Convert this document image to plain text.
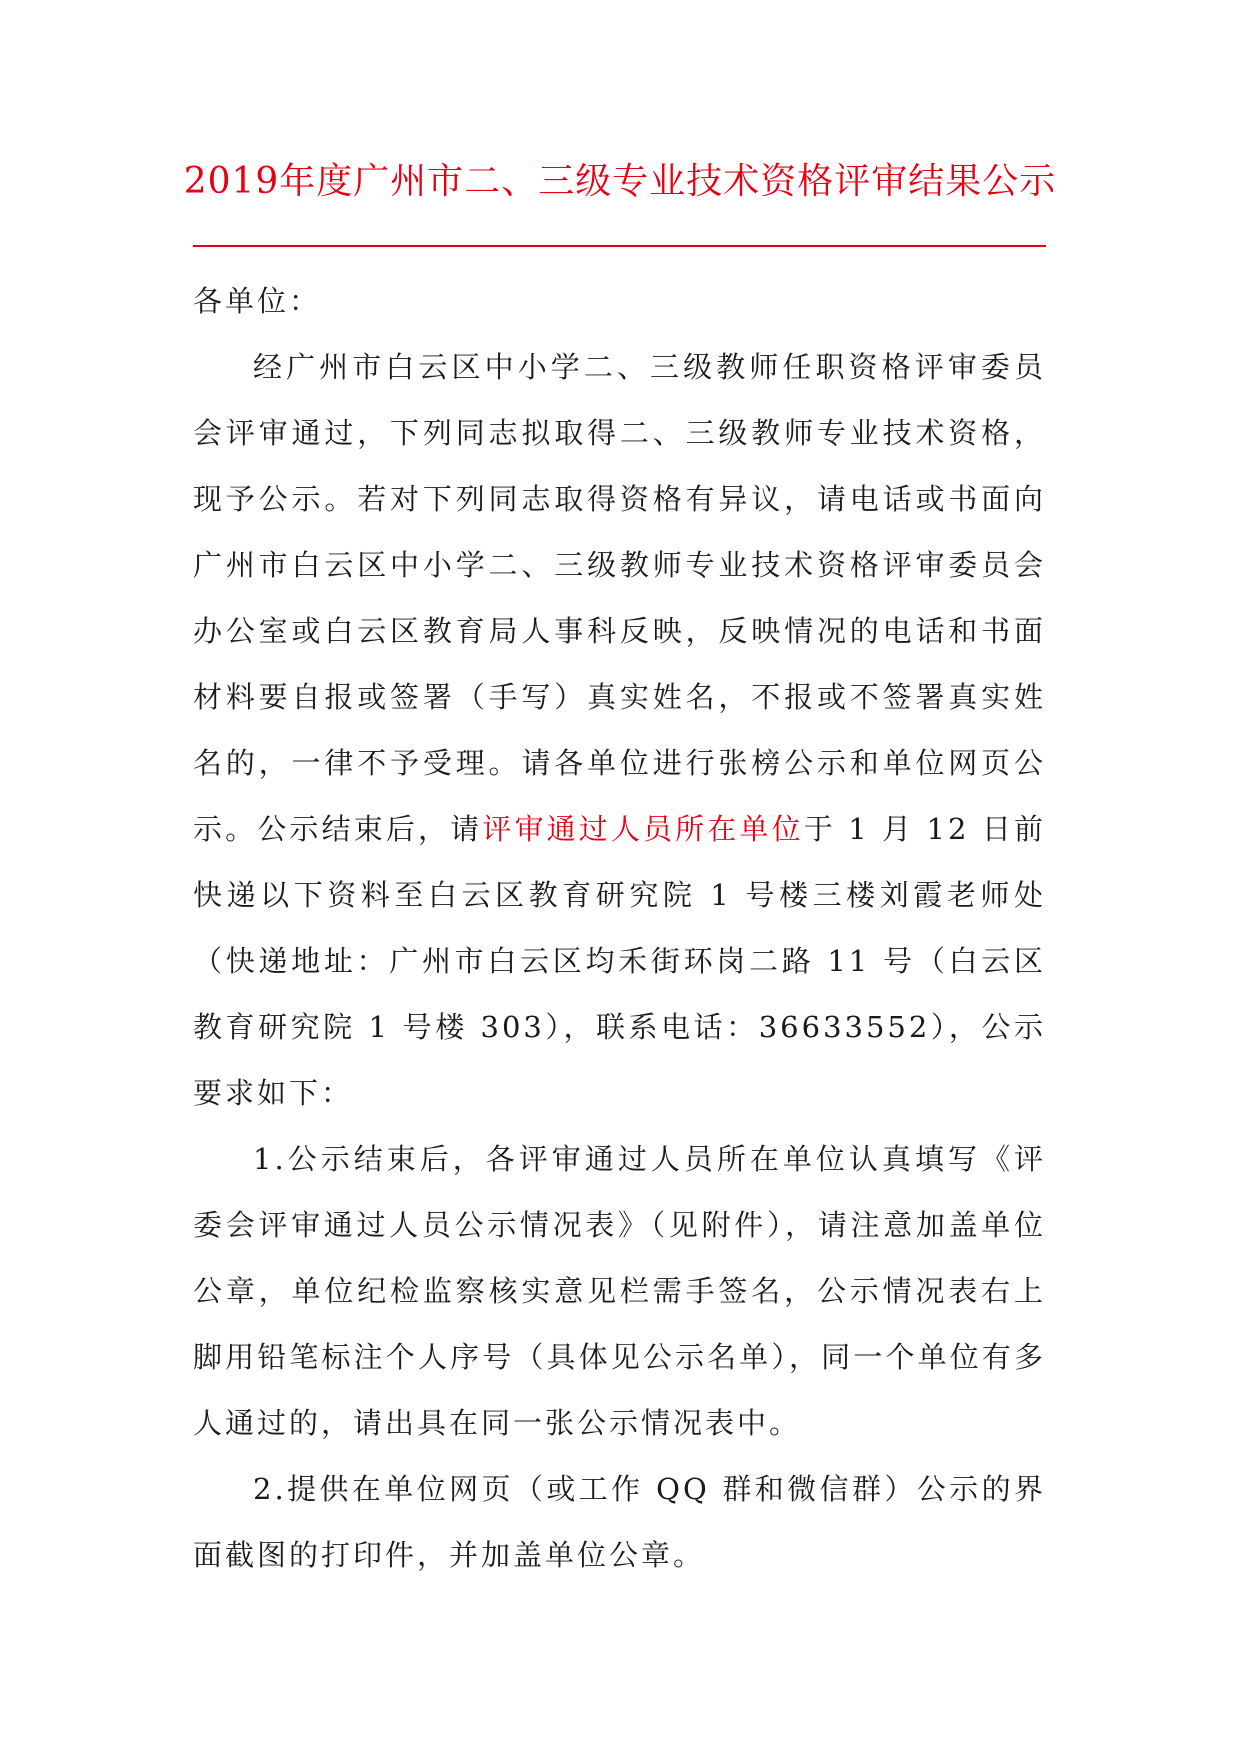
2019年度广州市二、三级专业技术资格评审结果公示

各单位：

经广州市白云区中小学二、三级教师任职资格评审委员会评审通过，下列同志拟取得二、三级教师专业技术资格，现予公示。若对下列同志取得资格有异议，请电话或书面向广州市白云区中小学二、三级教师专业技术资格评审委员会办公室或白云区教育局人事科反映，反映情况的电话和书面材料要自报或签署（手写）真实姓名，不报或不签署真实姓名的，一律不予受理。请各单位进行张榜公示和单位网页公示。公示结束后，请评审通过人员所在单位于 1 月 12 日前快递以下资料至白云区教育研究院 1 号楼三楼刘霞老师处（快递地址：广州市白云区均禾街环岗二路 11 号（白云区教育研究院 1 号楼 303），联系电话：36633552），公示要求如下：

1.公示结束后，各评审通过人员所在单位认真填写《评委会评审通过人员公示情况表》（见附件），请注意加盖单位公章，单位纪检监察核实意见栏需手签名，公示情况表右上脚用铅笔标注个人序号（具体见公示名单），同一个单位有多人通过的，请出具在同一张公示情况表中。

2.提供在单位网页（或工作 QQ 群和微信群）公示的界面截图的打印件，并加盖单位公章。
